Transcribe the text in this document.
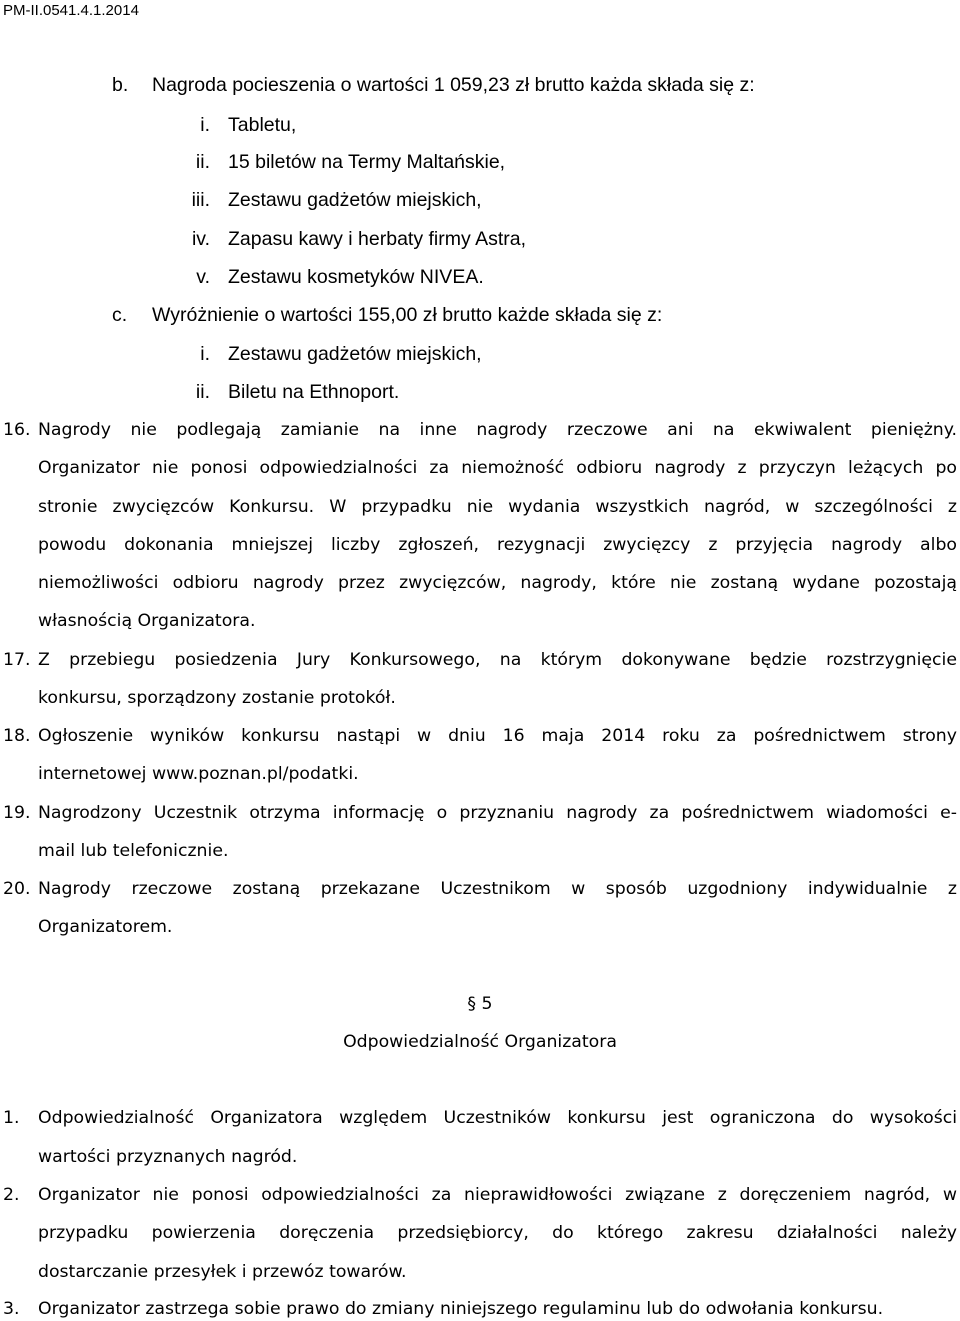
PM-II.0541.4.1.2014
b. Nagroda pocieszenia o wartości 1 059,23 zł brutto każda składa się z:
i. Tabletu,
ii. 15 biletów na Termy Maltańskie,
iii. Zestawu gadżetów miejskich,
iv. Zapasu kawy i herbaty firmy Astra,
v. Zestawu kosmetyków NIVEA.
c. Wyróżnienie o wartości 155,00 zł brutto każde składa się z:
i. Zestawu gadżetów miejskich,
ii. Biletu na Ethnoport.
16. Nagrody nie podlegają zamianie na inne nagrody rzeczowe ani na ekwiwalent pieniężny.
Organizator nie ponosi odpowiedzialności za niemożność odbioru nagrody z przyczyn leżących po
stronie zwycięzców Konkursu. W przypadku nie wydania wszystkich nagród, w szczególności z
powodu dokonania mniejszej liczby zgłoszeń, rezygnacji zwycięzcy z przyjęcia nagrody albo
niemożliwości odbioru nagrody przez zwycięzców, nagrody, które nie zostaną wydane pozostają
własnością Organizatora.
17. Z przebiegu posiedzenia Jury Konkursowego, na którym dokonywane będzie rozstrzygnięcie
konkursu, sporządzony zostanie protokół.
18. Ogłoszenie wyników konkursu nastąpi w dniu 16 maja 2014 roku za pośrednictwem strony
internetowej www.poznan.pl/podatki.
19. Nagrodzony Uczestnik otrzyma informację o przyznaniu nagrody za pośrednictwem wiadomości e-
mail lub telefonicznie.
20. Nagrody rzeczowe zostaną przekazane Uczestnikom w sposób uzgodniony indywidualnie z
Organizatorem.
§ 5
Odpowiedzialność Organizatora
1. Odpowiedzialność Organizatora względem Uczestników konkursu jest ograniczona do wysokości
wartości przyznanych nagród.
2. Organizator nie ponosi odpowiedzialności za nieprawidłowości związane z doręczeniem nagród, w
przypadku powierzenia doręczenia przedsiębiorcy, do którego zakresu działalności należy
dostarczanie przesyłek i przewóz towarów.
3. Organizator zastrzega sobie prawo do zmiany niniejszego regulaminu lub do odwołania konkursu.
